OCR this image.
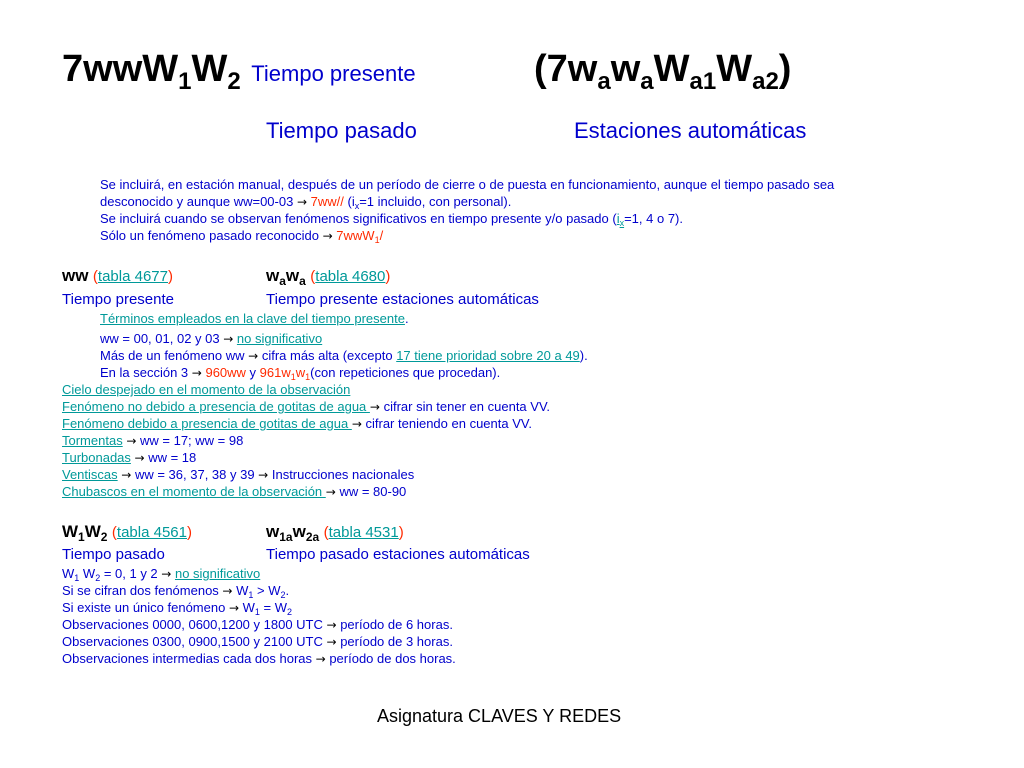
$7wwW_1W_2$ Tiempo presente	$(7w_aw_aW_{a1}W_{a2})$
Tiempo pasado	Estaciones automáticas
Se incluirá, en estación manual, después de un período de cierre o de puesta en funcionamiento, aunque el tiempo pasado sea
desconocido y aunque ww=00-03 → 7ww// ($i_x=1$ incluido, con personal).
Se incluirá cuando se observan fenómenos significativos en tiempo presente y/o pasado ($i_x=1$, 4 o 7).
Sólo un fenómeno pasado reconocido → 7wwW$_1$/
ww (tabla 4677)	$w_aw_a$ (tabla 4680)
Tiempo presente	Tiempo presente estaciones automáticas
Términos empleados en la clave del tiempo presente.
ww = 00, 01, 02 y 03 → no significativo
Más de un fenómeno ww → cifra más alta (excepto 17 tiene prioridad sobre 20 a 49).
En la sección 3 → 960ww y $961w_1w_1(con$ repeticiones que procedan).
Cielo despejado en el momento de la observación
Fenómeno no debido a presencia de gotitas de agua → cifrar sin tener en cuenta VV.
Fenómeno debido a presencia de gotitas de agua → cifrar teniendo en cuenta VV.
Tormentas → ww = 17; ww = 98
Turbonadas → ww = 18
Ventiscas → ww = 36, 37, 38 y 39 → Instrucciones nacionales
Chubascos en el momento de la observación → ww = 80-90
$W_1W_2$ (tabla 4561)	$w_{1a}w_{2a}$ (tabla 4531)
Tiempo pasado	Tiempo pasado estaciones automáticas
$W_1$ $W_2 = 0$, 1 y 2 → no significativo
Si se cifran dos fenómenos → $W_1 > W_2$.
Si existe un único fenómeno → $W_1 = W_2$
Observaciones 0000, 0600,1200 y 1800 UTC → período de 6 horas.
Observaciones 0300, 0900,1500 y 2100 UTC → período de 3 horas.
Observaciones intermedias cada dos horas → período de dos horas.
Asignatura CLAVES Y REDES
